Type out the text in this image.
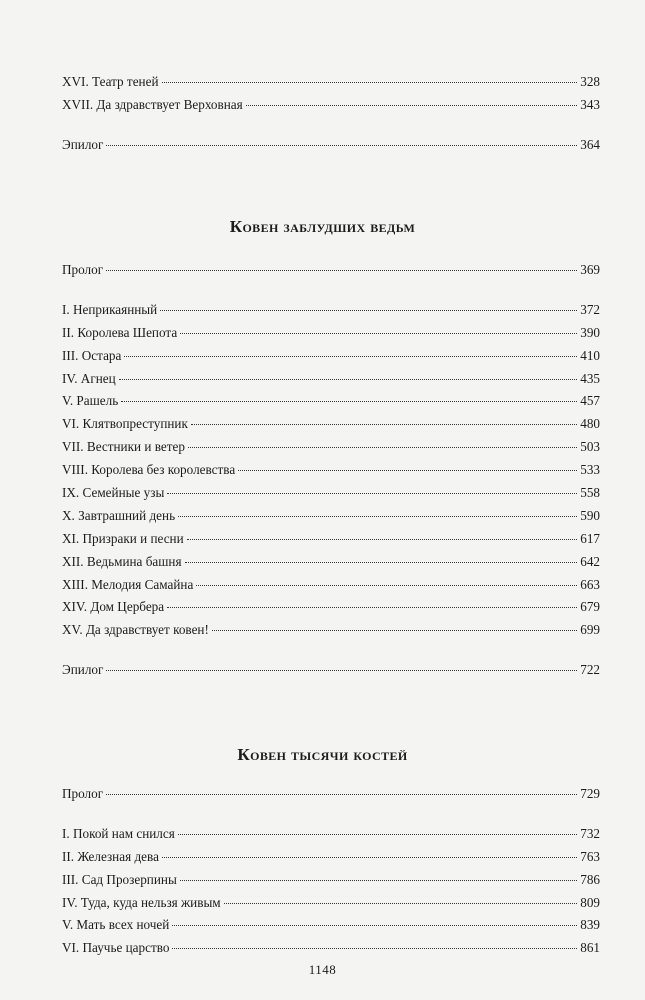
XVI. Театр теней	328
XVII. Да здравствует Верховная	343
Эпилог	364
Ковен заблудших ведьм
Пролог	369
I. Неприкаянный	372
II. Королева Шепота	390
III. Остара	410
IV. Агнец	435
V. Рашель	457
VI. Клятвопреступник	480
VII. Вестники и ветер	503
VIII. Королева без королевства	533
IX. Семейные узы	558
X. Завтрашний день	590
XI. Призраки и песни	617
XII. Ведьмина башня	642
XIII. Мелодия Самайна	663
XIV. Дом Цербера	679
XV. Да здравствует ковен!	699
Эпилог	722
Ковен тысячи костей
Пролог	729
I. Покой нам снился	732
II. Железная дева	763
III. Сад Прозерпины	786
IV. Туда, куда нельзя живым	809
V. Мать всех ночей	839
VI. Паучье царство	861
1148
